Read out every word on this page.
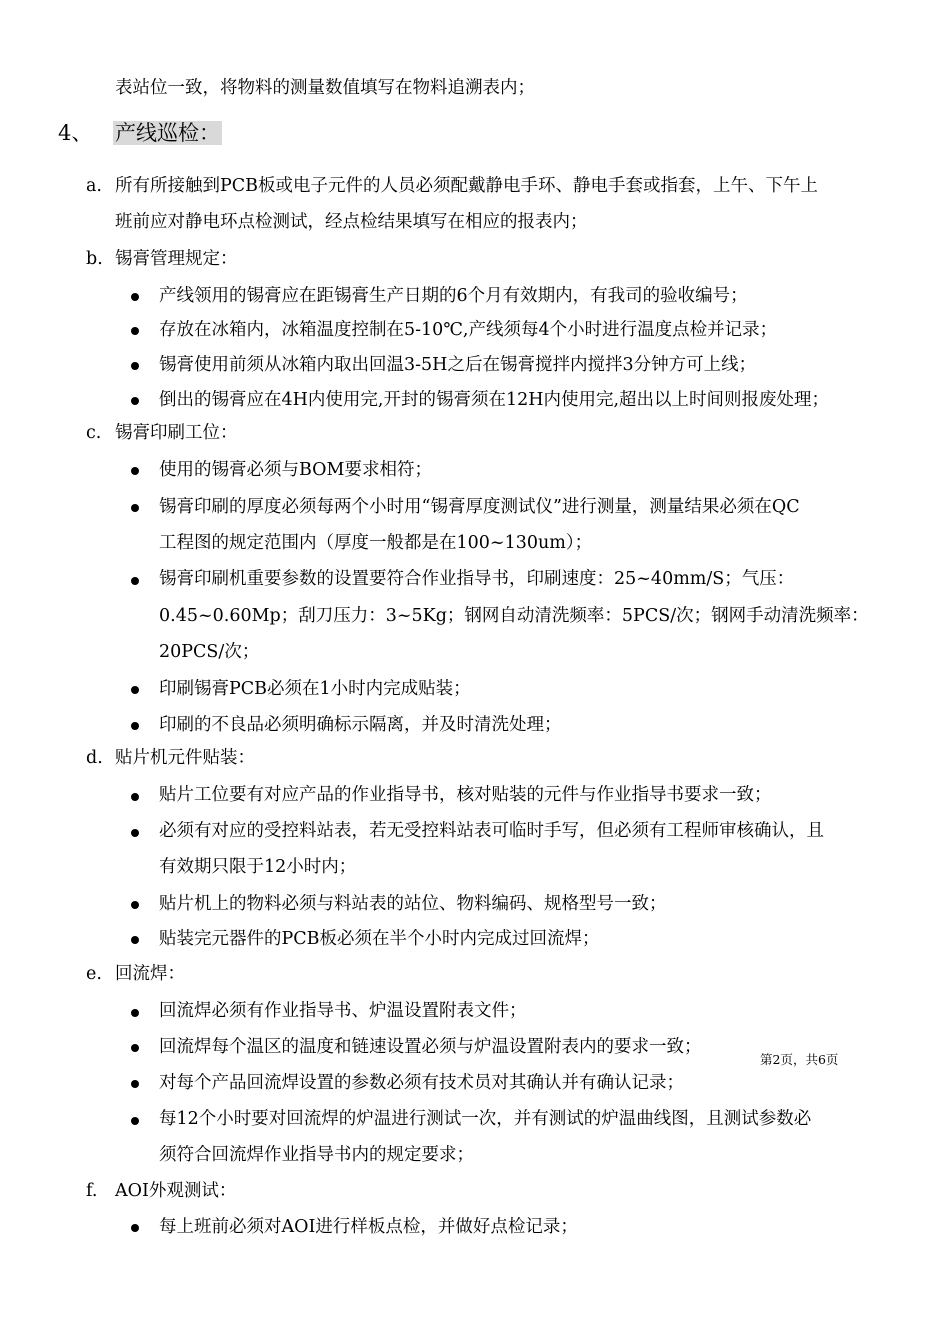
表站位一致，将物料的测量数值填写在物料追溯表内；
4、 产线巡检：
a. 所有所接触到PCB板或电子元件的人员必须配戴静电手环、静电手套或指套，上午、下午上
班前应对静电环点检测试，经点检结果填写在相应的报表内；
b. 锡膏管理规定：
产线领用的锡膏应在距锡膏生产日期的6个月有效期内，有我司的验收编号；
存放在冰箱内，冰箱温度控制在5-10℃,产线须每4个小时进行温度点检并记录；
锡膏使用前须从冰箱内取出回温3-5H之后在锡膏搅拌内搅拌3分钟方可上线；
倒出的锡膏应在4H内使用完,开封的锡膏须在12H内使用完,超出以上时间则报废处理；
c. 锡膏印刷工位：
使用的锡膏必须与BOM要求相符；
锡膏印刷的厚度必须每两个小时用“锡膏厚度测试仪”进行测量，测量结果必须在QC
工程图的规定范围内（厚度一般都是在100~130um）；
锡膏印刷机重要参数的设置要符合作业指导书，印刷速度：25~40mm/S；气压：
0.45~0.60Mp；刮刀压力：3~5Kg；钢网自动清洗频率：5PCS/次；钢网手动清洗频率：
20PCS/次；
印刷锡膏PCB必须在1小时内完成贴装；
印刷的不良品必须明确标示隔离，并及时清洗处理；
d. 贴片机元件贴装：
贴片工位要有对应产品的作业指导书，核对贴装的元件与作业指导书要求一致；
必须有对应的受控料站表，若无受控料站表可临时手写，但必须有工程师审核确认，且
有效期只限于12小时内；
贴片机上的物料必须与料站表的站位、物料编码、规格型号一致；
贴装完元器件的PCB板必须在半个小时内完成过回流焊；
e. 回流焊：
回流焊必须有作业指导书、炉温设置附表文件；
回流焊每个温区的温度和链速设置必须与炉温设置附表内的要求一致；
对每个产品回流焊设置的参数必须有技术员对其确认并有确认记录；
每12个小时要对回流焊的炉温进行测试一次，并有测试的炉温曲线图，且测试参数必
须符合回流焊作业指导书内的规定要求；
f. AOI外观测试：
每上班前必须对AOI进行样板点检，并做好点检记录；
第2页，共6页
